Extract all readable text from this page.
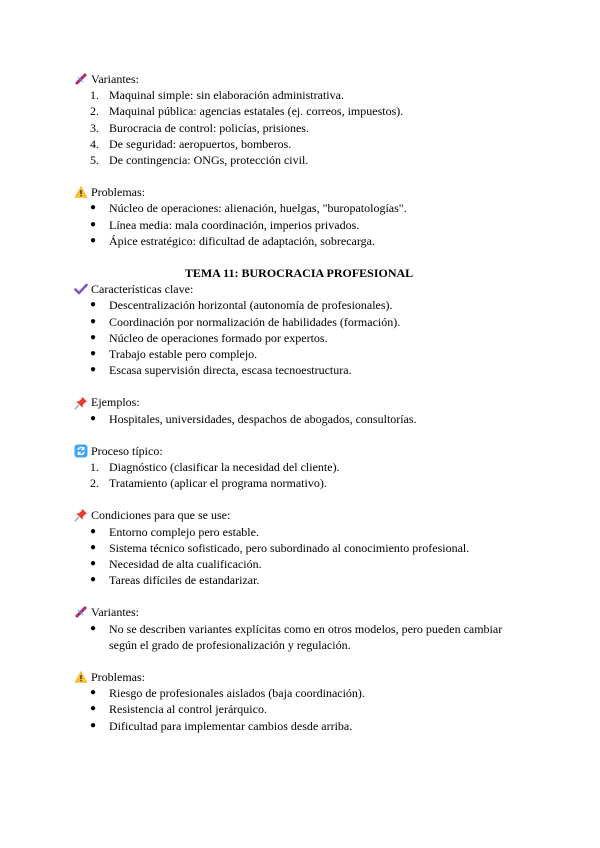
Variantes:
1. Maquinal simple: sin elaboración administrativa.
2. Maquinal pública: agencias estatales (ej. correos, impuestos).
3. Burocracia de control: policías, prisiones.
4. De seguridad: aeropuertos, bomberos.
5. De contingencia: ONGs, protección civil.
Problemas:
●	Núcleo de operaciones: alienación, huelgas, "buropatologías".
●	Línea media: mala coordinación, imperios privados.
●	Ápice estratégico: dificultad de adaptación, sobrecarga.
TEMA 11: BUROCRACIA PROFESIONAL
Características clave:
●	Descentralización horizontal (autonomía de profesionales).
●	Coordinación por normalización de habilidades (formación).
●	Núcleo de operaciones formado por expertos.
●	Trabajo estable pero complejo.
●	Escasa supervisión directa, escasa tecnoestructura.
Ejemplos:
●	Hospitales, universidades, despachos de abogados, consultorías.
Proceso típico:
1. Diagnóstico (clasificar la necesidad del cliente).
2. Tratamiento (aplicar el programa normativo).
Condiciones para que se use:
●	Entorno complejo pero estable.
●	Sistema técnico sofisticado, pero subordinado al conocimiento profesional.
●	Necesidad de alta cualificación.
●	Tareas difíciles de estandarizar.
Variantes:
●	No se describen variantes explícitas como en otros modelos, pero pueden cambiar según el grado de profesionalización y regulación.
Problemas:
●	Riesgo de profesionales aislados (baja coordinación).
●	Resistencia al control jerárquico.
●	Dificultad para implementar cambios desde arriba.
